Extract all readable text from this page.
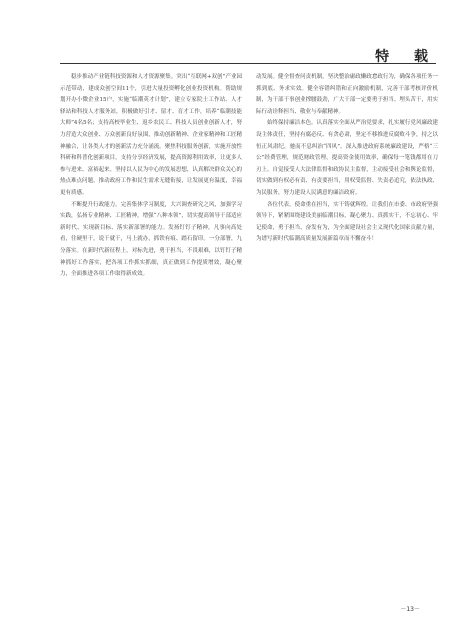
特 载

稳步推动产业链科技资源和人才资源聚集。突出“互联网+双创”产业园示范带动，建成众创空间11个，引进大量投资孵化创业投资机构。帮助规划开办小微企业15户，实施“临潮英才计划”，建立专家院士工作站、人才驿站和科技人才服务站，积极做好引才、留才、育才工作，培养“临潮技能大师”4名5名；支持高校毕业生、返乡农民工、科技人员创业创新人才，努力营造大众创业、万众创新良好氛围，推动创新精神、企业家精神和工匠精神融合，让各类人才的创新活力充分涌流。聚焦科技服务创新，实施开放性科研和科普化创新项目，支持分享经济发展，提高资源利用效率，让更多人参与进来、富裕起来。坚持以人民为中心的发展思想，认真解决群众关心的热点难点问题，推动政府工作和民生需求无缝衔接，让发展更有温度，幸福更有质感。

不断提升行政能力。完善集体学习制度，大兴调查研究之风，加强学习实践，弘扬专业精神、工匠精神，增强“八种本领”，切实提高领导干部适应新时代、实现新目标、落实新部署的能力。发扬钉钉子精神，凡事向高处看，往硬里干，说干就干，马上就办，抓铁有痕、踏石留印。一分部署，九分落实。在新时代新征程上，对标先进，勇于担当，不畏艰难，以钉钉子精神抓好工作落实，把各项工作抓实抓细，真正做到工作提质增效，凝心聚力，全面推进各项工作取得新成效。

动发展。健全督查问责机制，坚决整治庸政懒政怠政行为，确保各项任务一抓到底、务求实效。健全容错纠错和正向激励机制，完善干部考核评价机制，为干部干事创业撑腰鼓劲，广大干部一定要勇于担当、埋头苦干，用实际行动诠释担当、敬业与奉献精神。

始终保持廉洁本色。认真落实全面从严治党要求，扎实履行党风廉政建设主体责任，坚持有腐必反、有贪必肃，坚定不移推进反腐败斗争，持之以恒正风肃纪，驰而不息纠治“四风”。深入推进政府系统廉政建设，严格“三公”经费管理，规范财政管理，提高资金使用效率，确保每一笔钱都用在刀刃上。自觉接受人大法律监督和政协民主监督，主动接受社会和舆论监督，切实做到有权必有责、有责要担当，用权受监督、失责必追究，依法执政、为民服务，努力建设人民满意的廉洁政府。

各位代表，使命重在担当，实干铸就辉煌。让我们在市委、市政府坚强领导下，紧紧围绕建设美丽临潮目标，凝心聚力、真抓实干，不忘初心、牢记使命，勇于担当、奋发有为，为全面建设社会主义现代化国家贡献力量，为谱写新时代临潮高质量发展新篇章而不懈奋斗！

－13－
